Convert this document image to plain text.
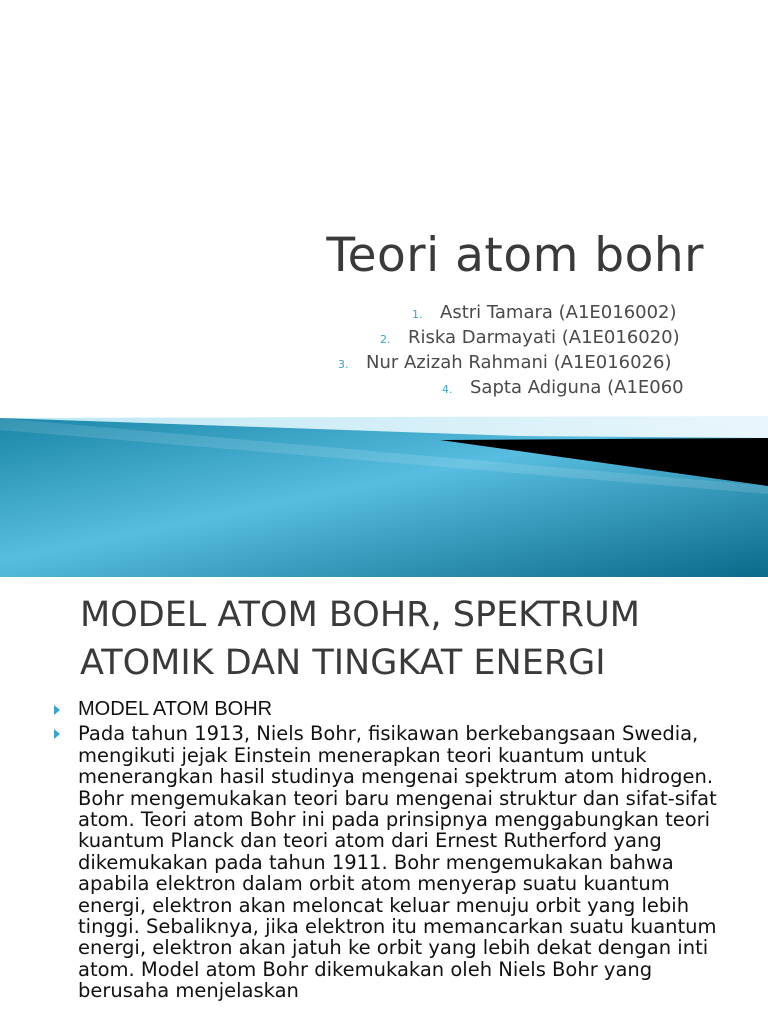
Teori atom bohr
1. Astri Tamara (A1E016002)
2. Riska Darmayati (A1E016020)
3. Nur Azizah Rahmani (A1E016026)
4. Sapta Adiguna (A1E060
MODEL ATOM BOHR, SPEKTRUM ATOMIK DAN TINGKAT ENERGI
MODEL ATOM BOHR
Pada tahun 1913, Niels Bohr, fisikawan berkebangsaan Swedia, mengikuti jejak Einstein menerapkan teori kuantum untuk menerangkan hasil studinya mengenai spektrum atom hidrogen. Bohr mengemukakan teori baru mengenai struktur dan sifat-sifat atom. Teori atom Bohr ini pada prinsipnya menggabungkan teori kuantum Planck dan teori atom dari Ernest Rutherford yang dikemukakan pada tahun 1911. Bohr mengemukakan bahwa apabila elektron dalam orbit atom menyerap suatu kuantum energi, elektron akan meloncat keluar menuju orbit yang lebih tinggi. Sebaliknya, jika elektron itu memancarkan suatu kuantum energi, elektron akan jatuh ke orbit yang lebih dekat dengan inti atom. Model atom Bohr dikemukakan oleh Niels Bohr yang berusaha menjelaskan
